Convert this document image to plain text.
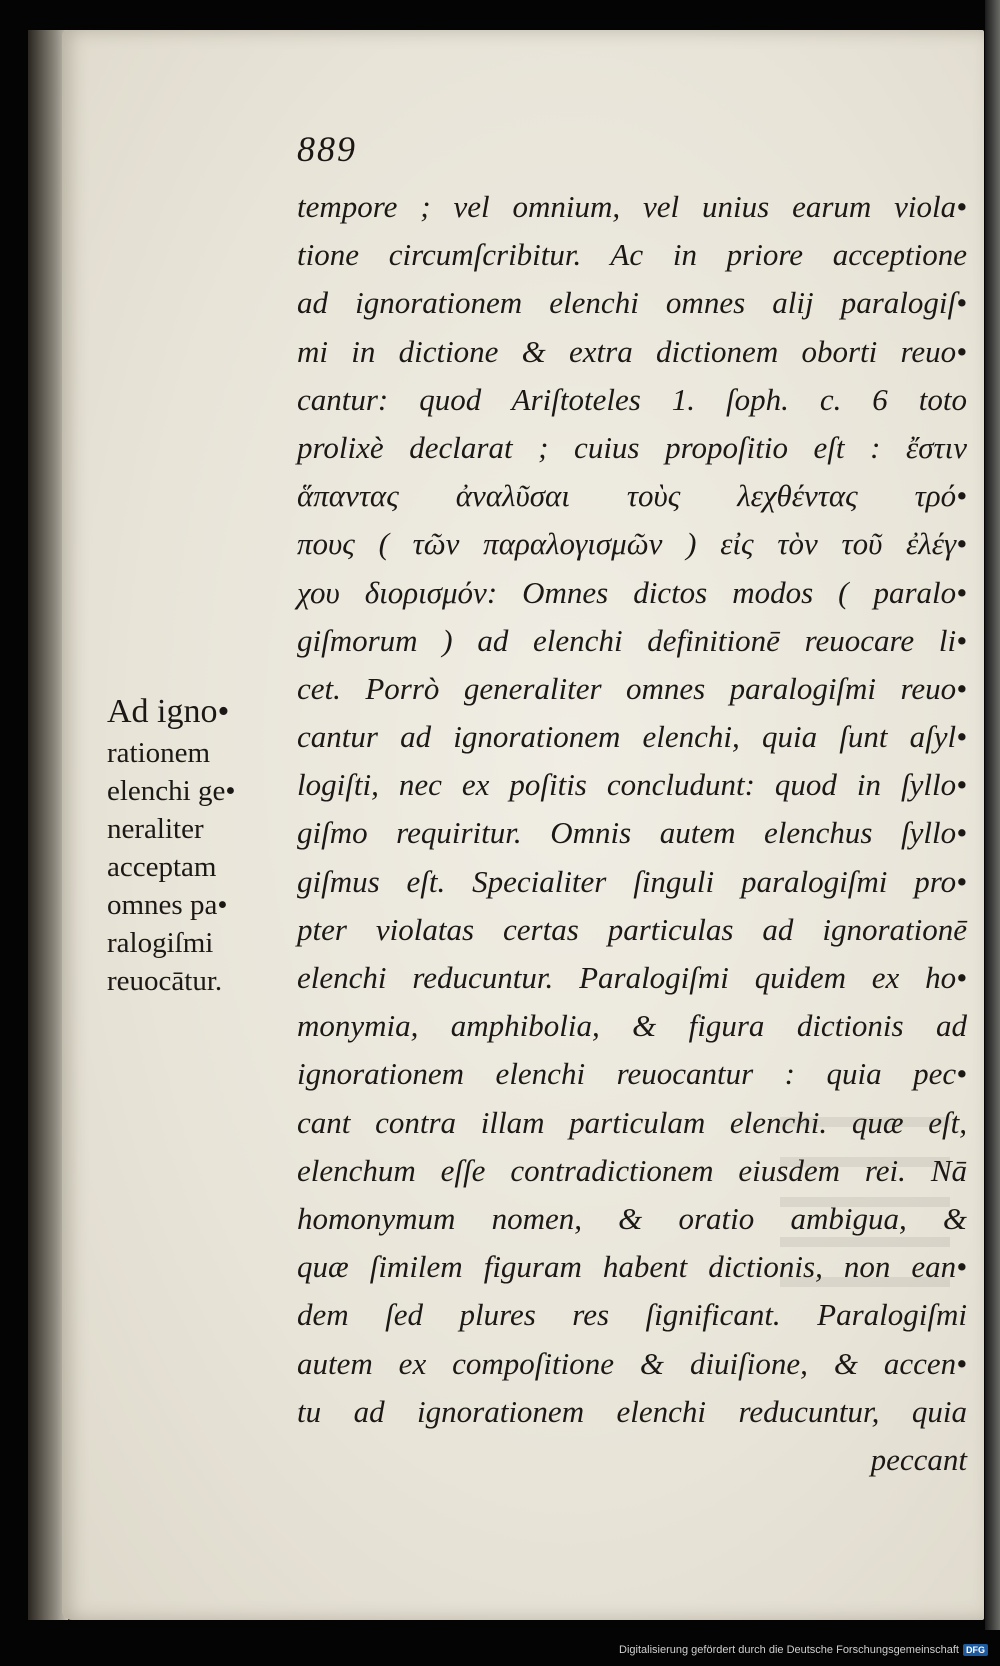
889
tempore ; vel omnium, vel unius earum viola•
tione circumſcribitur. Ac in priore acceptione
ad ignorationem elenchi omnes alij paralogiſ•
mi in dictione & extra dictionem oborti reuo•
cantur: quod Ariſtoteles 1. ſoph. c. 6 toto
prolixè declarat ; cuius propoſitio eſt : ἔστιν
ἅπαντας ἀναλῦσαι τοὺς λεχθέντας τρό•
πους ( τῶν παραλογισμῶν ) εἰς τὸν τοῦ ἐλέγ•
χου διορισμόν: Omnes dictos modos ( paralo•
giſmorum ) ad elenchi definitionē reuocare li•
cet. Porrò generaliter omnes paralogiſmi reuo•
cantur ad ignorationem elenchi, quia ſunt aſyl•
logiſti, nec ex poſitis concludunt: quod in ſyllo•
giſmo requiritur. Omnis autem elenchus ſyllo•
giſmus eſt. Specialiter ſinguli paralogiſmi pro•
pter violatas certas particulas ad ignorationē
elenchi reducuntur. Paralogiſmi quidem ex ho•
monymia, amphibolia, & figura dictionis ad
ignorationem elenchi reuocantur : quia pec•
cant contra illam particulam elenchi. quæ eſt,
elenchum eſſe contradictionem eiusdem rei. Nā
homonymum nomen, & oratio ambigua, &
quæ ſimilem figuram habent dictionis, non ean•
dem ſed plures res ſignificant. Paralogiſmi
autem ex compoſitione & diuiſione, & accen•
tu ad ignorationem elenchi reducuntur, quia
peccant
Ad igno•
rationem
elenchi ge•
neraliter
acceptam
omnes pa•
ralogiſmi
reuocātur.
Digitalisierung gefördert durch die Deutsche Forschungsgemeinschaft DFG
